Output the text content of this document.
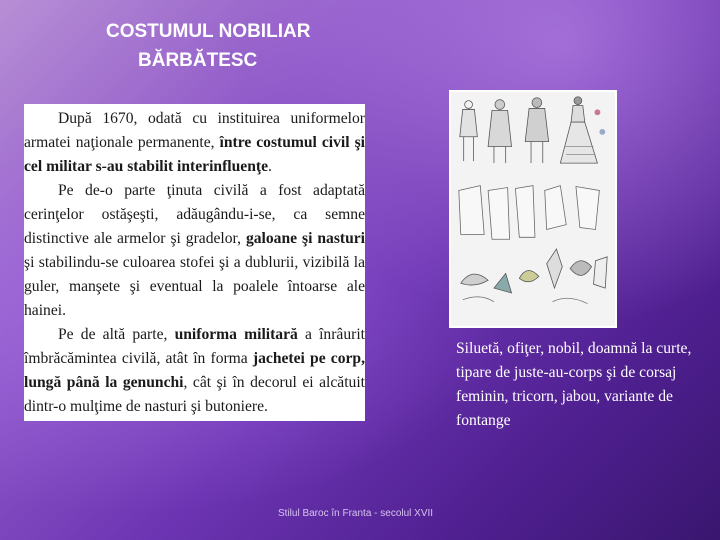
COSTUMUL NOBILIAR
BĂRBĂTESC

După 1670, odată cu instituirea uniformelor armatei naţionale permanente, între costumul civil şi cel militar s-au stabilit interinfluenţe.

Pe de-o parte ţinuta civilă a fost adaptată cerinţelor ostăşeşti, adăugându-i-se, ca semne distinctive ale armelor şi gradelor, galoane şi nasturi şi stabilindu-se culoarea stofei şi a dublurii, vizibilă la guler, manşete şi eventual la poalele întoarse ale hainei.

Pe de altă parte, uniforma militară a înrâurit îmbrăcămintea civilă, atât în forma jachetei pe corp, lungă până la genunchi, cât şi în decorul ei alcătuit dintr-o mulţime de nasturi şi butoniere.

Siluetă, ofiţer, nobil, doamnă la curte, tipare de juste-au-corps şi de corsaj feminin, tricorn, jabou, variante de fontange

Stilul Baroc în Franta - secolul XVII
